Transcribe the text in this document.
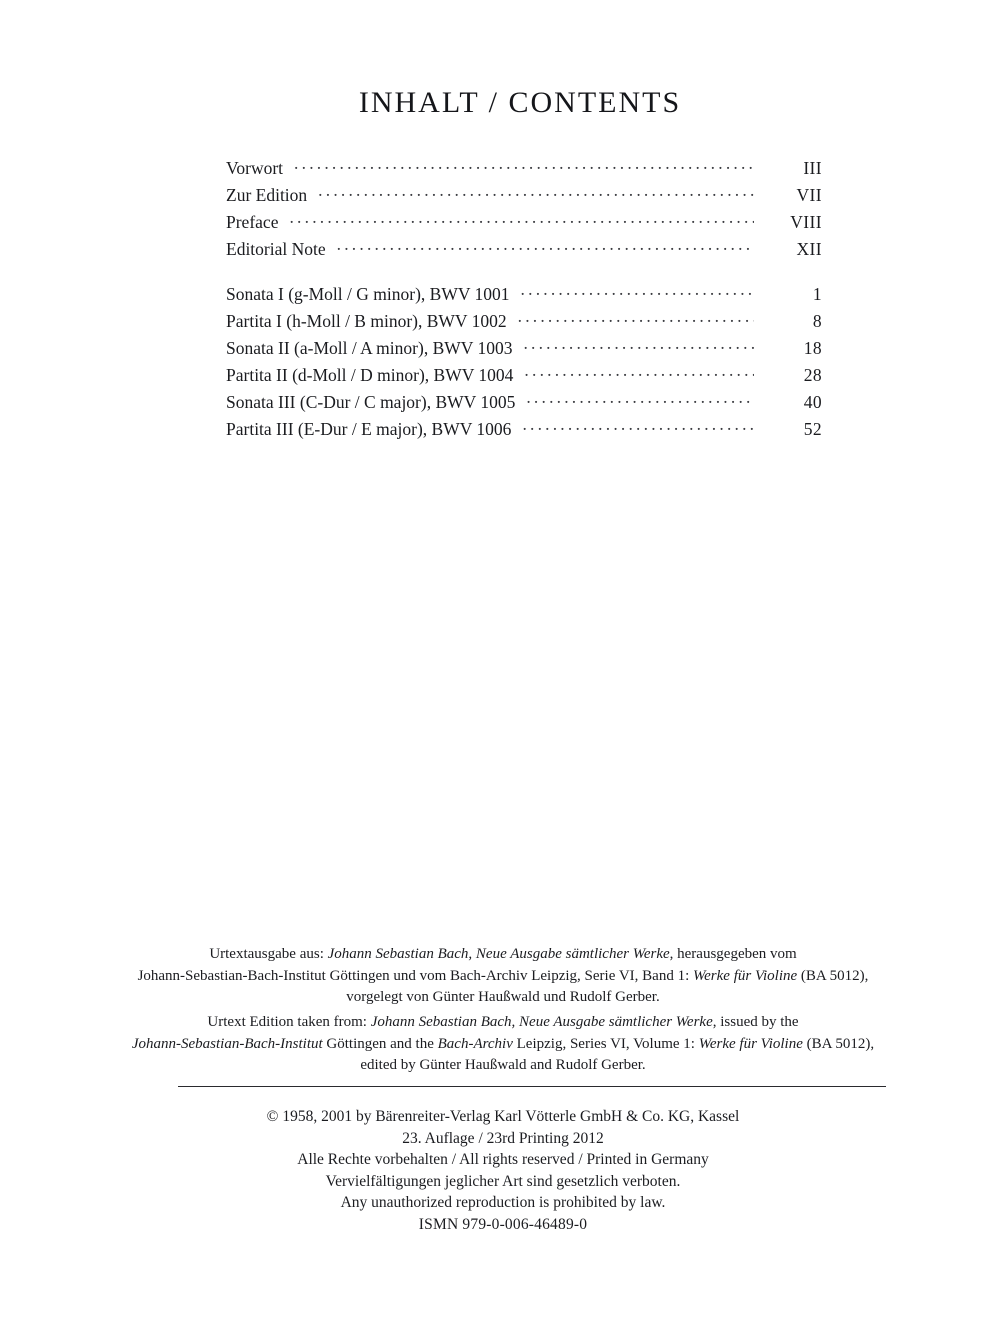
INHALT / CONTENTS
Vorwort .....	III
Zur Edition .....	VII
Preface .....	VIII
Editorial Note .....	XII
Sonata I (g-Moll / G minor), BWV 1001 .....	1
Partita I (h-Moll / B minor), BWV 1002 .....	8
Sonata II (a-Moll / A minor), BWV 1003 .....	18
Partita II (d-Moll / D minor), BWV 1004 .....	28
Sonata III (C-Dur / C major), BWV 1005 .....	40
Partita III (E-Dur / E major), BWV 1006 .....	52
Urtextausgabe aus: Johann Sebastian Bach, Neue Ausgabe sämtlicher Werke, herausgegeben vom
Johann-Sebastian-Bach-Institut Göttingen und vom Bach-Archiv Leipzig, Serie VI, Band 1: Werke für Violine (BA 5012),
vorgelegt von Günter Haußwald und Rudolf Gerber.
Urtext Edition taken from: Johann Sebastian Bach, Neue Ausgabe sämtlicher Werke, issued by the
Johann-Sebastian-Bach-Institut Göttingen and the Bach-Archiv Leipzig, Series VI, Volume 1: Werke für Violine (BA 5012),
edited by Günter Haußwald and Rudolf Gerber.
© 1958, 2001 by Bärenreiter-Verlag Karl Vötterle GmbH & Co. KG, Kassel
23. Auflage / 23rd Printing 2012
Alle Rechte vorbehalten / All rights reserved / Printed in Germany
Vervielfältigungen jeglicher Art sind gesetzlich verboten.
Any unauthorized reproduction is prohibited by law.
ISMN 979-0-006-46489-0
